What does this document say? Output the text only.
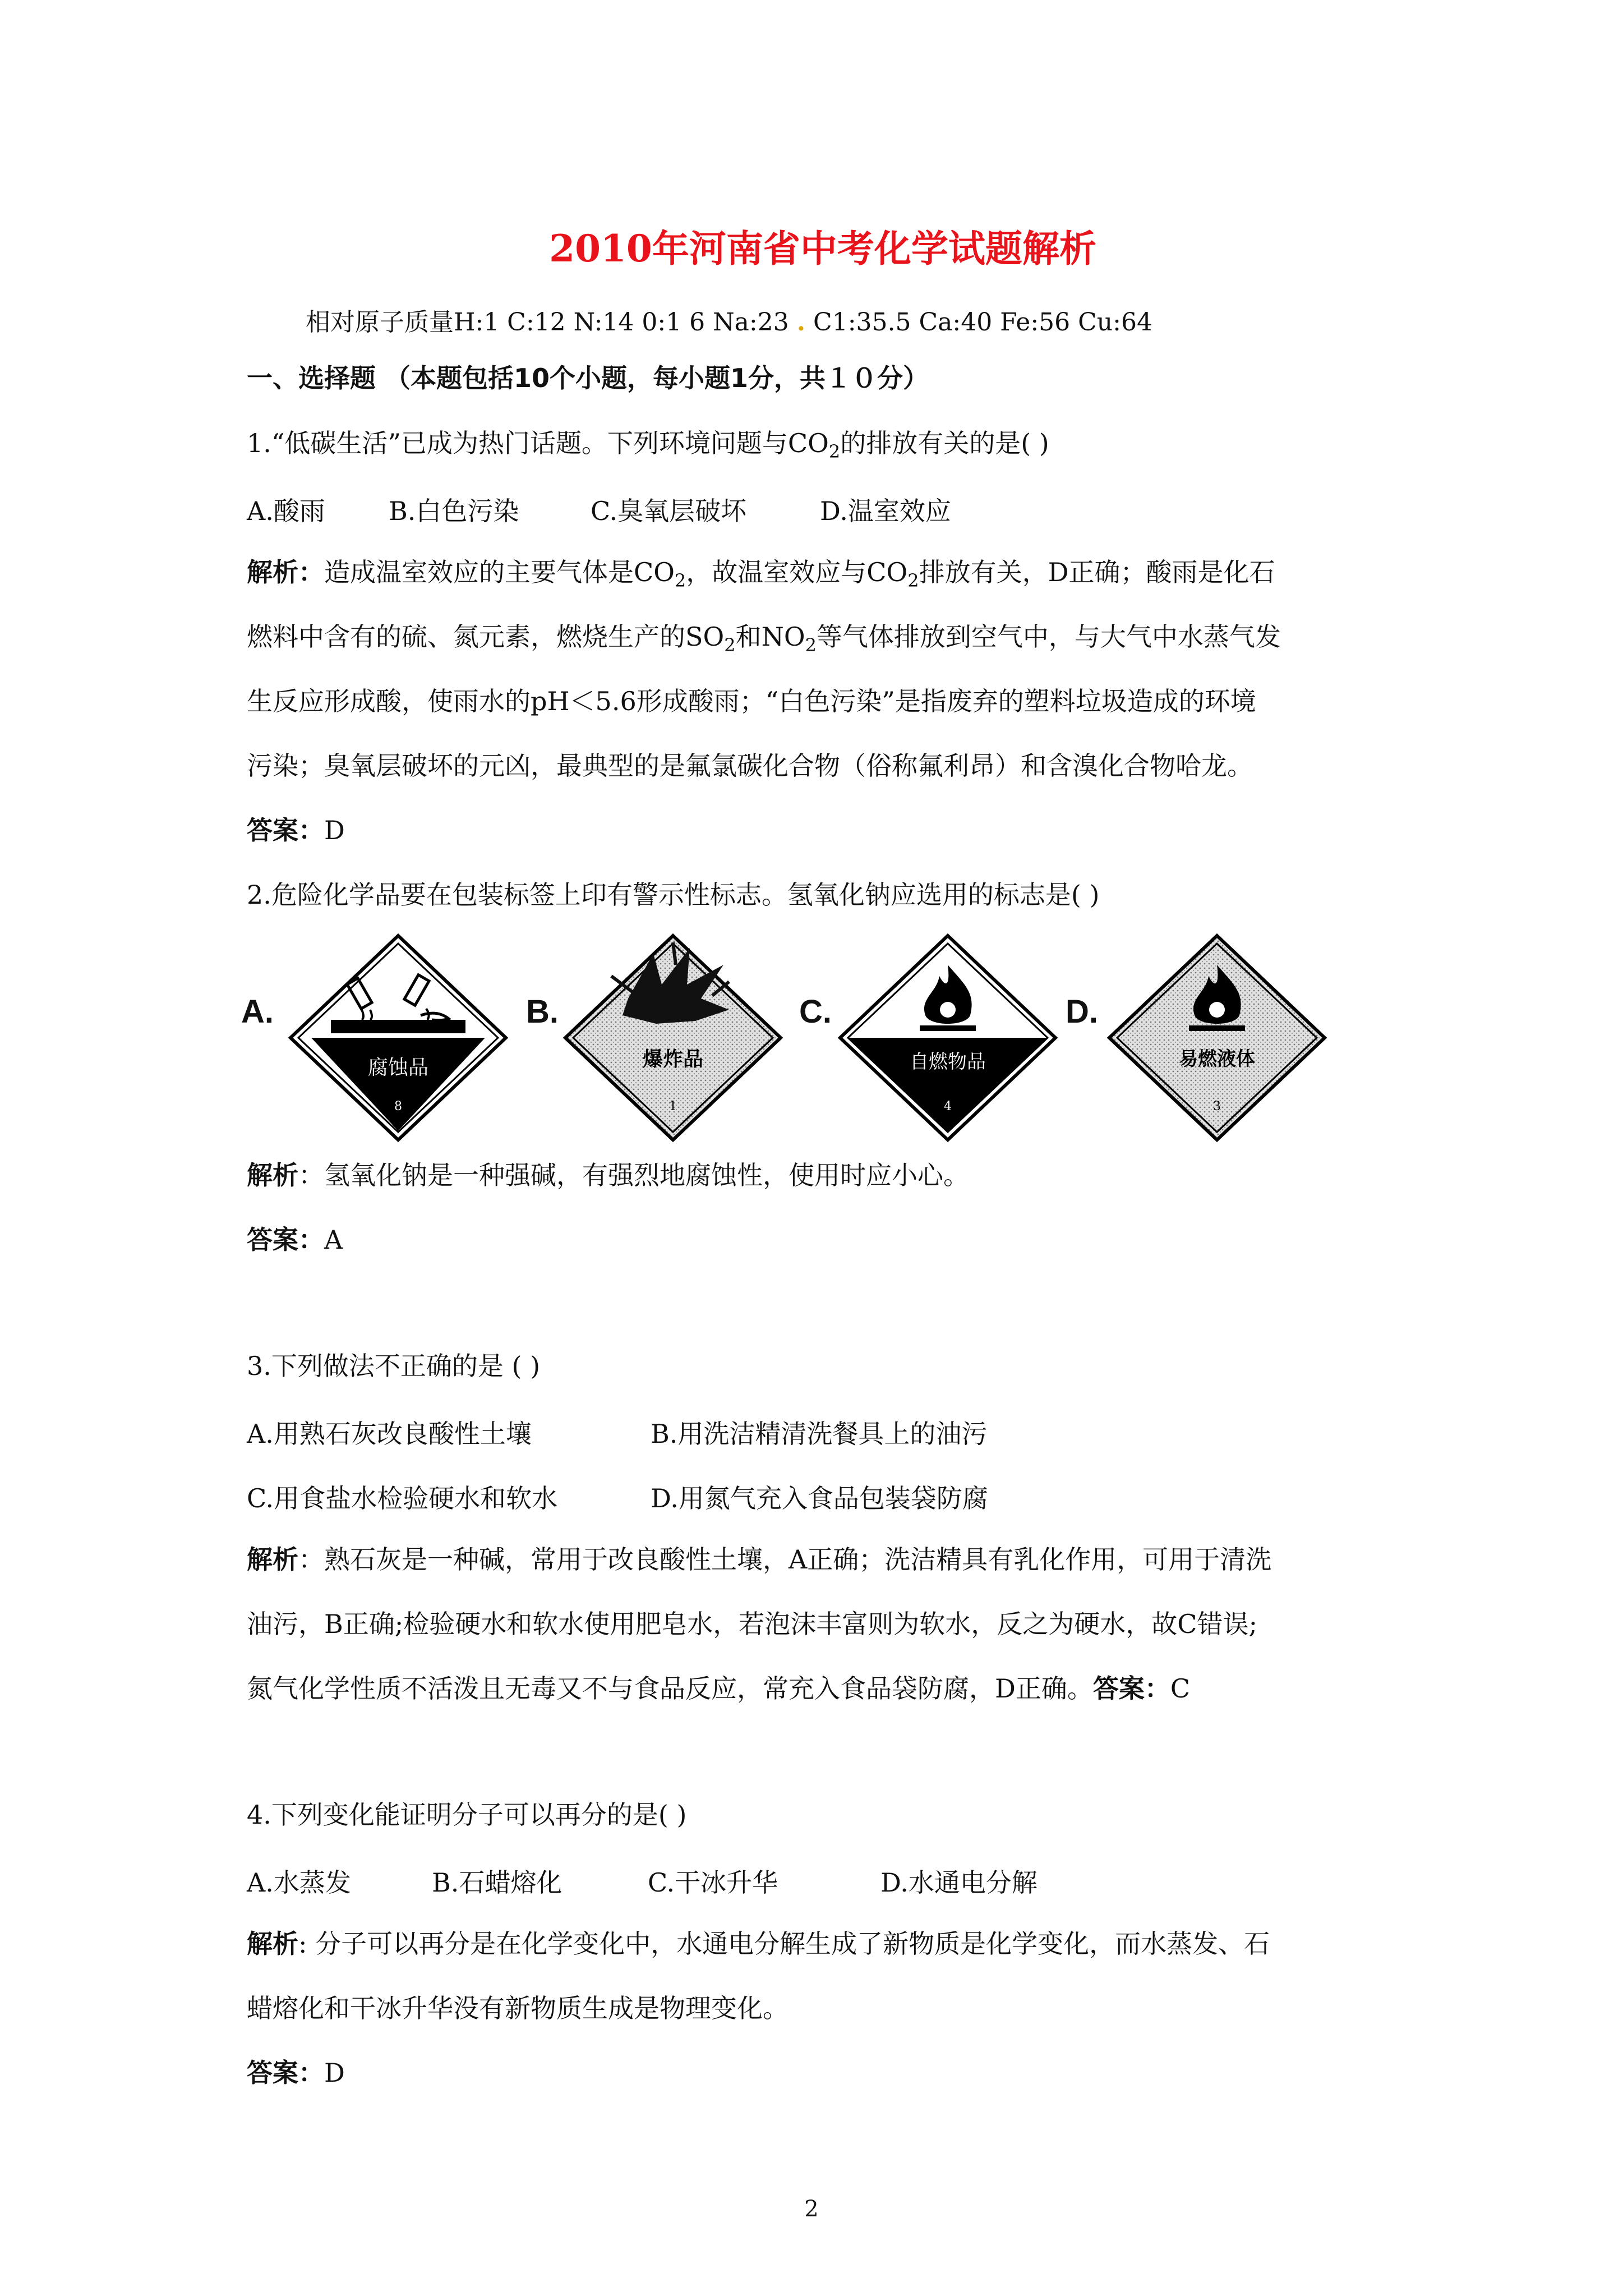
2010年河南省中考化学试题解析
相对原子质量H:1 C:12 N:14 0:1 6 Na:23 . C1:35.5 Ca:40 Fe:56 Cu:64
一、选择题 （本题包括10个小题，每小题1分，共１０分）
1.“低碳生活”已成为热门话题。下列环境问题与$CO_2$的排放有关的是( )
A.酸雨 B.白色污染	C.臭氧层破坏	D.温室效应
解析：造成温室效应的主要气体是$CO_2$，故温室效应与$CO_2$排放有关，D正确；酸雨是化石
燃料中含有的硫、氮元素，燃烧生产的$SO_2$和$NO_2$等气体排放到空气中，与大气中水蒸气发
生反应形成酸，使雨水的pH＜5.6形成酸雨；“白色污染”是指废弃的塑料垃圾造成的环境
污染；臭氧层破坏的元凶，最典型的是氟氯碳化合物（俗称氟利昂）和含溴化合物哈龙。
答案：D
2.危险化学品要在包装标签上印有警示性标志。氢氧化钠应选用的标志是( )
A.
腐蚀品
8
B.
爆炸品
1
C.
自燃物品
4
D.
易燃液体
3
解析：氢氧化钠是一种强碱，有强烈地腐蚀性，使用时应小心。
答案：A
3.下列做法不正确的是 ( )
A.用熟石灰改良酸性土壤	B.用洗洁精清洗餐具上的油污
C.用食盐水检验硬水和软水	D.用氮气充入食品包装袋防腐
解析：熟石灰是一种碱，常用于改良酸性土壤，A正确；洗洁精具有乳化作用，可用于清洗
油污，B正确;检验硬水和软水使用肥皂水，若泡沫丰富则为软水，反之为硬水，故C错误;
氮气化学性质不活泼且无毒又不与食品反应，常充入食品袋防腐，D正确。答案：C
4.下列变化能证明分子可以再分的是( )
A.水蒸发	B.石蜡熔化	C.干冰升华	D.水通电分解
解析: 分子可以再分是在化学变化中，水通电分解生成了新物质是化学变化，而水蒸发、石
蜡熔化和干冰升华没有新物质生成是物理变化。
答案：D
2
